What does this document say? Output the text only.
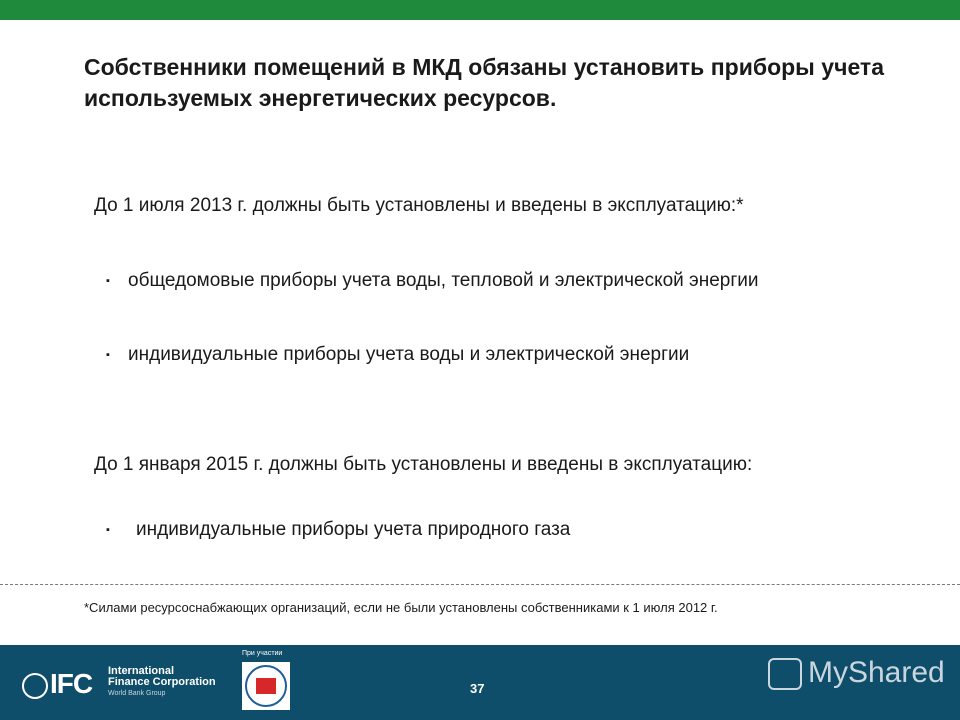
Собственники помещений в МКД обязаны установить приборы учета используемых энергетических ресурсов.
До 1 июля 2013 г. должны быть установлены и введены в эксплуатацию:*
▪ общедомовые приборы учета воды, тепловой и электрической энергии
▪ индивидуальные приборы учета воды и электрической энергии
До 1 января 2015 г. должны быть установлены и введены в эксплуатацию:
▪ индивидуальные приборы учета природного газа
*Силами ресурсоснабжающих организаций, если не были установлены собственниками к 1 июля 2012 г.
IFC International
Finance Corporation
World Bank Group
При участии
37	MyShared
